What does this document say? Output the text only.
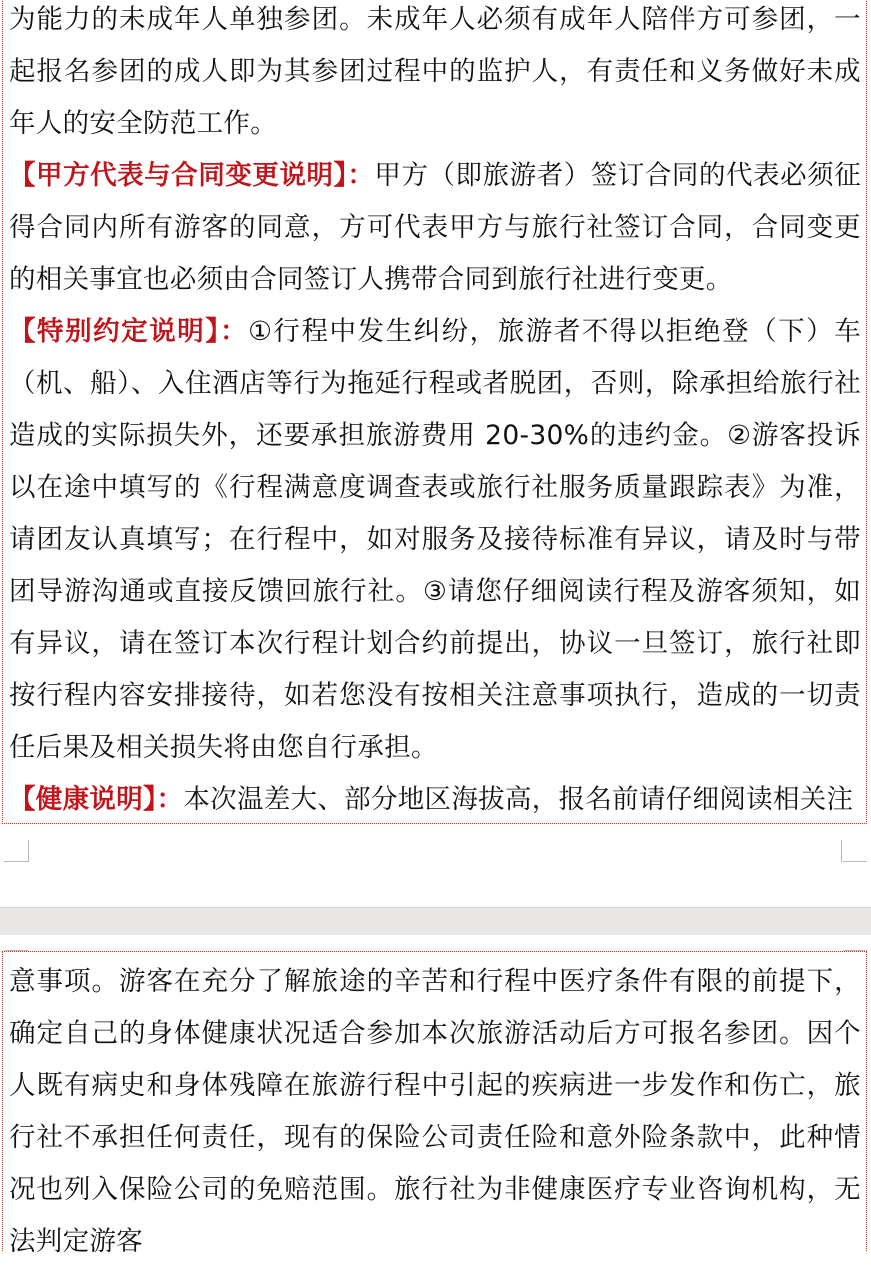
为能力的未成年人单独参团。未成年人必须有成年人陪伴方可参团，一起报名参团的成人即为其参团过程中的监护人，有责任和义务做好未成年人的安全防范工作。

【甲方代表与合同变更说明】：甲方（即旅游者）签订合同的代表必须征得合同内所有游客的同意，方可代表甲方与旅行社签订合同，合同变更的相关事宜也必须由合同签订人携带合同到旅行社进行变更。

【特别约定说明】：①行程中发生纠纷，旅游者不得以拒绝登（下）车（机、船）、入住酒店等行为拖延行程或者脱团，否则，除承担给旅行社造成的实际损失外，还要承担旅游费用 20-30%的违约金。②游客投诉以在途中填写的《行程满意度调查表或旅行社服务质量跟踪表》为准，请团友认真填写；在行程中，如对服务及接待标准有异议，请及时与带团导游沟通或直接反馈回旅行社。③请您仔细阅读行程及游客须知，如有异议，请在签订本次行程计划合约前提出，协议一旦签订，旅行社即按行程内容安排接待，如若您没有按相关注意事项执行，造成的一切责任后果及相关损失将由您自行承担。

【健康说明】：本次温差大、部分地区海拔高，报名前请仔细阅读相关注

意事项。游客在充分了解旅途的辛苦和行程中医疗条件有限的前提下，确定自己的身体健康状况适合参加本次旅游活动后方可报名参团。因个人既有病史和身体残障在旅游行程中引起的疾病进一步发作和伤亡，旅行社不承担任何责任，现有的保险公司责任险和意外险条款中，此种情况也列入保险公司的免赔范围。旅行社为非健康医疗专业咨询机构，无法判定游客
